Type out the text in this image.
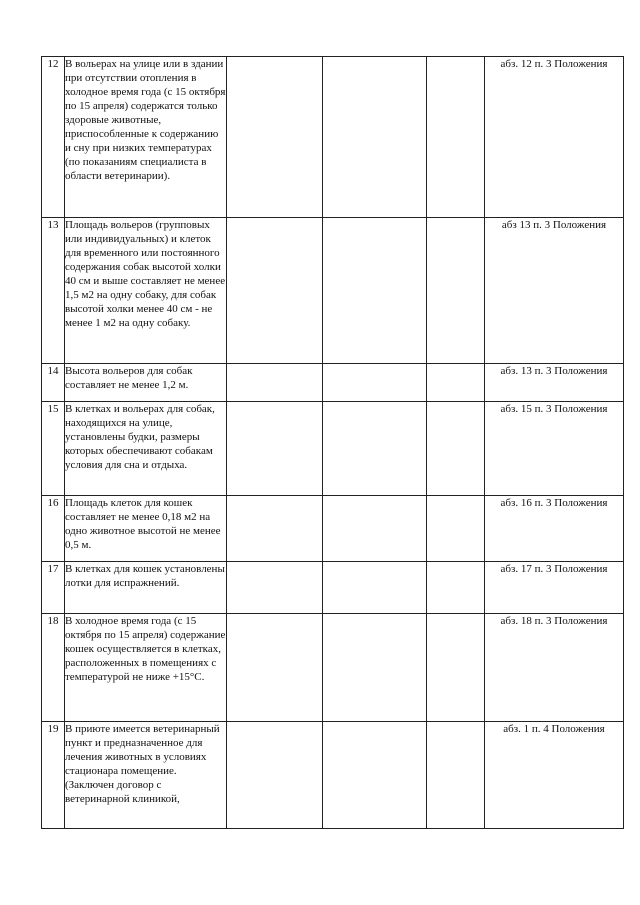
12	В вольерах на улице или в здании при отсутствии отопления в холодное время года (с 15 октября по 15 апреля) содержатся только здоровые животные, приспособленные к содержанию и сну при низких температурах (по показаниям специалиста в области ветеринарии).				абз. 12 п. 3 Положения
13	Площадь вольеров (групповых или индивидуальных) и клеток для временного или постоянного содержания собак высотой холки 40 см и выше составляет не менее 1,5 м2 на одну собаку, для собак высотой холки менее 40 см - не менее 1 м2 на одну собаку.				абз 13 п. 3 Положения
14	Высота вольеров для собак составляет не менее 1,2 м.				абз. 13 п. 3 Положения
15	В клетках и вольерах для собак, находящихся на улице, установлены будки, размеры которых обеспечивают собакам условия для сна и отдыха.				абз. 15 п. 3 Положения
16	Площадь клеток для кошек составляет не менее 0,18 м2 на одно животное высотой не менее 0,5 м.				абз. 16 п. 3 Положения
17	В клетках для кошек установлены лотки для испражнений.				абз. 17 п. 3 Положения
18	В холодное время года (с 15 октября по 15 апреля) содержание кошек осуществляется в клетках, расположенных в помещениях с температурой не ниже +15°С.				абз. 18 п. 3 Положения
19	В приюте имеется ветеринарный пункт и предназначенное для лечения животных в условиях стационара помещение. (Заключен договор с ветеринарной клиникой,				абз. 1 п. 4 Положения
